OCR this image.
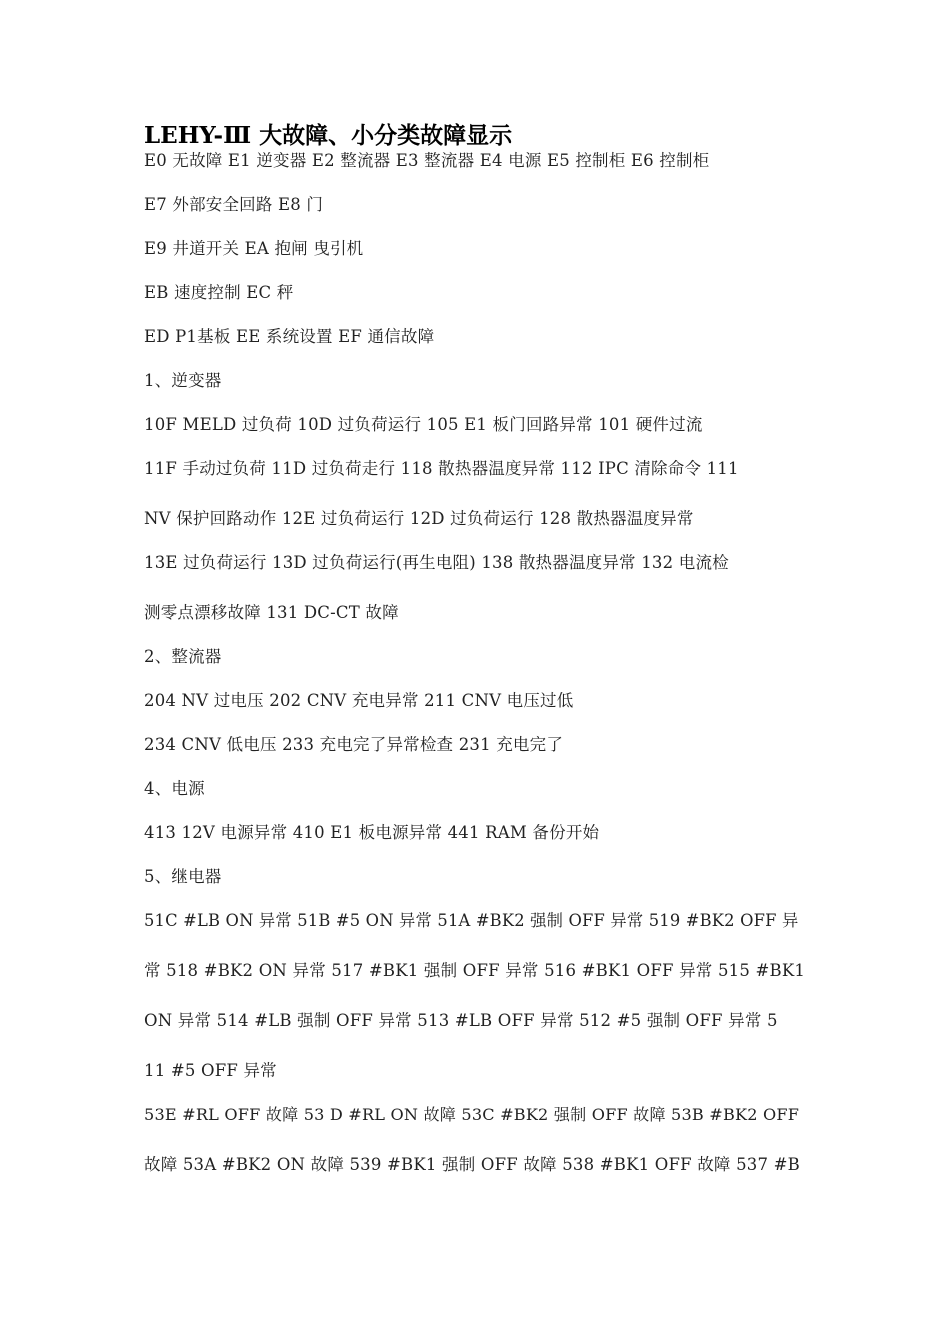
LEHY-Ⅲ 大故障、小分类故障显示

E0 无故障 E1 逆变器 E2 整流器 E3 整流器 E4 电源 E5 控制柜 E6 控制柜

E7 外部安全回路 E8 门

E9 井道开关 EA 抱闸 曳引机

EB 速度控制 EC 秤

ED P1基板 EE 系统设置 EF 通信故障

1、逆变器

10F MELD 过负荷 10D 过负荷运行 105 E1 板门回路异常 101 硬件过流

11F 手动过负荷 11D 过负荷走行 118 散热器温度异常 112 IPC 清除命令 111

NV 保护回路动作 12E 过负荷运行 12D 过负荷运行 128 散热器温度异常

13E 过负荷运行 13D 过负荷运行(再生电阻) 138 散热器温度异常 132 电流检

测零点漂移故障 131 DC-CT 故障

2、整流器

204 NV 过电压 202 CNV 充电异常 211 CNV 电压过低

234 CNV 低电压 233 充电完了异常检查 231 充电完了

4、电源

413 12V 电源异常 410 E1 板电源异常 441 RAM 备份开始

5、继电器

51C #LB ON 异常 51B #5 ON 异常 51A #BK2 强制 OFF 异常 519 #BK2 OFF 异

常 518 #BK2 ON 异常 517 #BK1 强制 OFF 异常 516 #BK1 OFF 异常 515 #BK1

ON 异常 514 #LB 强制 OFF 异常 513 #LB OFF 异常 512 #5 强制 OFF 异常 5

11 #5 OFF 异常

53E #RL OFF 故障 53 D #RL ON 故障 53C #BK2 强制 OFF 故障 53B #BK2 OFF

故障 53A #BK2 ON 故障 539 #BK1 强制 OFF 故障 538 #BK1 OFF 故障 537 #B
